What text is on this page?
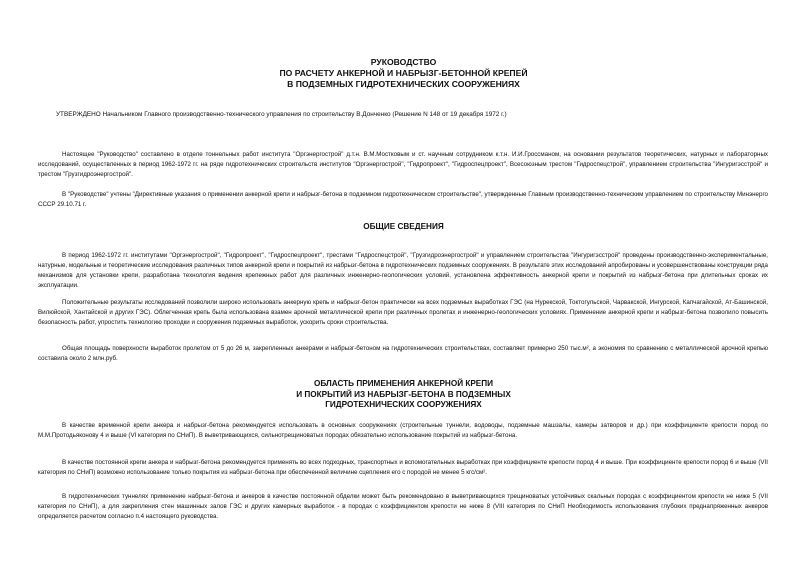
РУКОВОДСТВО
ПО РАСЧЕТУ АНКЕРНОЙ И НАБРЫЗГ-БЕТОННОЙ КРЕПЕЙ
В ПОДЗЕМНЫХ ГИДРОТЕХНИЧЕСКИХ СООРУЖЕНИЯХ
УТВЕРЖДЕНО Начальником Главного производственно-технического управления по строительству В.Донченко (Решение N 148 от 19 декабря 1972 г.)

Настоящее "Руководство" составлено в отделе тоннельных работ института "Оргэнергострой" д.т.н. В.М.Мостковым и ст. научным сотрудником к.т.н. И.И.Гроссманом, на основании результатов теоретических, натурных и лабораторных исследований, осуществленных в период 1962-1972 гг. на ряде гидротехнических строительств институтов "Оргэнергострой", "Гидропроект", "Гидроспецпроект", Всесоюзным трестом "Гидроспецстрой", управлением строительства "Ингуригэсстрой" и трестом "Грузгидроэнергострой".

В "Руководстве" учтены "Директивные указания о применении анкерной крепи и набрызг-бетона в подземном гидротехническом строительстве", утвержденные Главным производственно-техническим управлением по строительству Минэнерго СССР 29.10.71 г.

ОБЩИЕ СВЕДЕНИЯ

В период 1962-1972 гг. институтами "Оргэнергострой", "Гидропроект", "Гидроспецпроект", трестами "Гидроспецстрой", "Грузгидроэнергострой" и управлением строительства "Ингуригэсстрой" проведены производственно-экспериментальные, натурные, модельные и теоретические исследования различных типов анкерной крепи и покрытий из набрызг-бетона в гидротехнических подземных сооружениях. В результате этих исследований апробированы и усовершенствованы конструкции ряда механизмов для установки крепи, разработана технология ведения крепежных работ для различных инженерно-геологических условий, установлена эффективность анкерной крепи и покрытий из набрызг-бетона при длительных сроках их эксплуатации.

Положительные результаты исследований позволили широко использовать анкерную крепь и набрызг-бетон практически на всех подземных выработках ГЭС (на Нурекской, Токтогульской, Чарвакской, Ингурской, Капчагайской, Ат-Башинской, Вилюйской, Хантайской и других ГЭС). Облегченная крепь была использована взамен арочной металлической крепи при различных пролетах и инженерно-геологических условиях. Применение анкерной крепи и набрызг-бетона позволило повысить безопасность работ, упростить технологию проходки и сооружения подземных выработок, ускорить сроки строительства.

Общая площадь поверхности выработок пролетом от 5 до 26 м, закрепленных анкерами и набрызг-бетоном на гидротехнических строительствах, составляет примерно 250 тыс.м², а экономия по сравнению с металлической арочной крепью составила около 2 млн.руб.

ОБЛАСТЬ ПРИМЕНЕНИЯ АНКЕРНОЙ КРЕПИ
И ПОКРЫТИЙ ИЗ НАБРЫЗГ-БЕТОНА В ПОДЗЕМНЫХ
ГИДРОТЕХНИЧЕСКИХ СООРУЖЕНИЯХ

В качестве временной крепи анкера и набрызг-бетона рекомендуется использовать в основных сооружениях (строительные туннели, водоводы, подземные машзалы, камеры затворов и др.) при коэффициенте крепости пород по М.М.Протодьяконову 4 и выше (VI категория по СНиП). В выветривающихся, сильнотрещиноватых породах обязательно использование покрытий из набрызг-бетона.

В качестве постоянной крепи анкера и набрызг-бетона рекомендуется применять во всех подходных, транспортных и вспомогательных выработках при коэффициенте крепости пород 4 и выше. При коэффициенте крепости пород 6 и выше (VII категория по СНиП) возможно использование только покрытия из набрызг-бетона при обеспеченной величине сцепления его с породой не менее 5 кгс/см².

В гидротехнических туннелях применение набрызг-бетона и анкеров в качестве постоянной обделки может быть рекомендовано в выветривающихся трещиноватых устойчивых скальных породах с коэффициентом крепости не ниже 5 (VII категория по СНиП), а для закрепления стен машинных залов ГЭС и других камерных выработок - в породах с коэффициентом крепости не ниже 8 (VIII категория по СНиП Необходимость использования глубоких преднапряженных анкеров определяется расчетом согласно п.4 настоящего руководства.
